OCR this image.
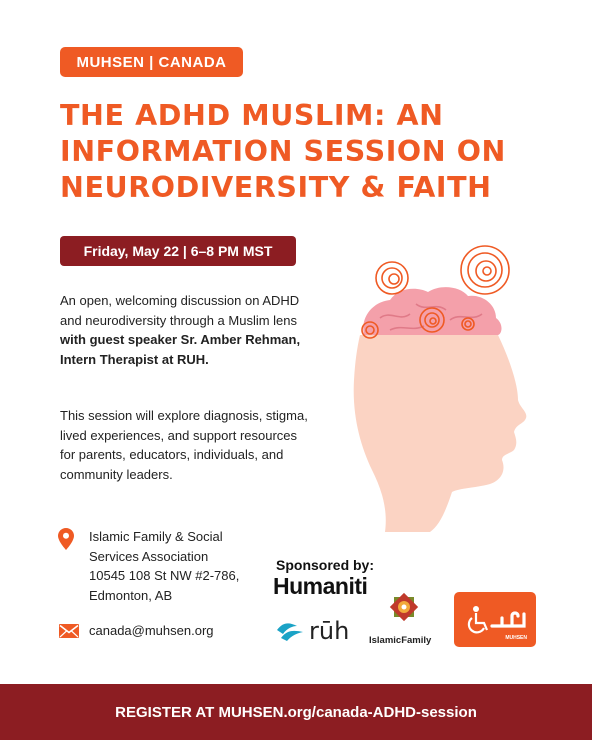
MUHSEN | CANADA
THE ADHD MUSLIM: AN
INFORMATION SESSION ON
NEURODIVERSITY & FAITH
Friday, May 22 | 6–8 PM MST

An open, welcoming discussion on ADHD and neurodiversity through a Muslim lens with guest speaker Sr. Amber Rehman, Intern Therapist at RUH.

This session will explore diagnosis, stigma, lived experiences, and support resources for parents, educators, individuals, and community leaders.

Islamic Family & Social
Services Association
10545 108 St NW #2-786,
Edmonton, AB
canada@muhsen.org
Sponsored by:
Humaniti
rūh IslamicFamily	MUHSEN
REGISTER AT MUHSEN.org/canada-ADHD-session
